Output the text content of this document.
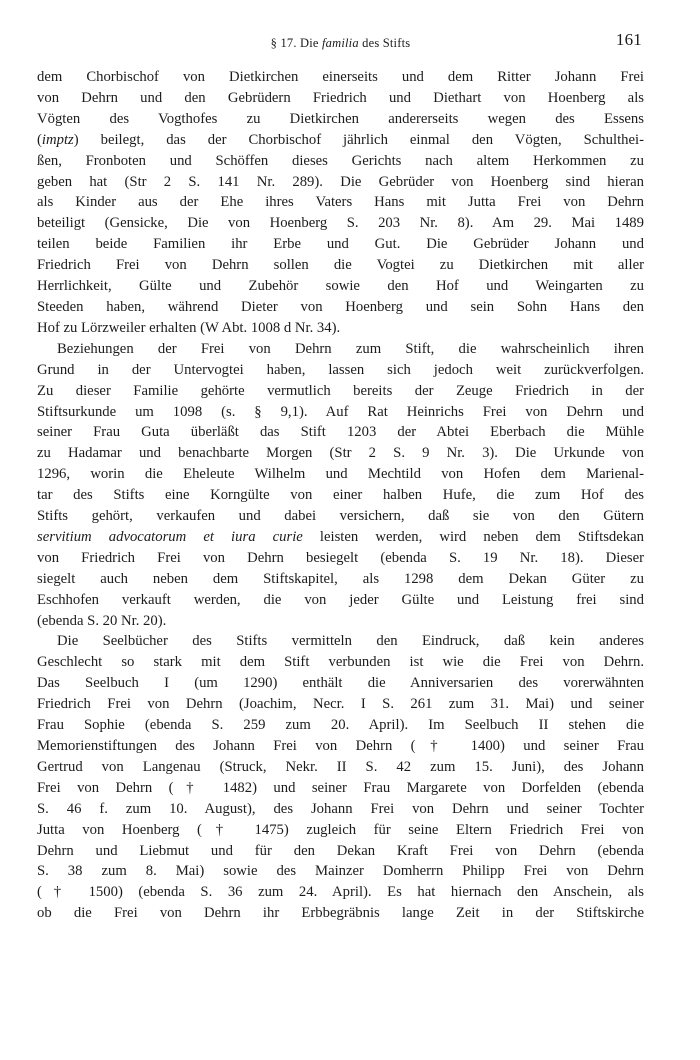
§ 17. Die familia des Stifts	161
dem Chorbischof von Dietkirchen einerseits und dem Ritter Johann Frei
von Dehrn und den Gebrüdern Friedrich und Diethart von Hoenberg als
Vögten des Vogthofes zu Dietkirchen andererseits wegen des Essens
(imptz) beilegt, das der Chorbischof jährlich einmal den Vögten, Schulthei-
ßen, Fronboten und Schöffen dieses Gerichts nach altem Herkommen zu
geben hat (Str 2 S. 141 Nr. 289). Die Gebrüder von Hoenberg sind hieran
als Kinder aus der Ehe ihres Vaters Hans mit Jutta Frei von Dehrn
beteiligt (Gensicke, Die von Hoenberg S. 203 Nr. 8). Am 29. Mai 1489
teilen beide Familien ihr Erbe und Gut. Die Gebrüder Johann und
Friedrich Frei von Dehrn sollen die Vogtei zu Dietkirchen mit aller
Herrlichkeit, Gülte und Zubehör sowie den Hof und Weingarten zu
Steeden haben, während Dieter von Hoenberg und sein Sohn Hans den
Hof zu Lörzweiler erhalten (W Abt. 1008 d Nr. 34).
Beziehungen der Frei von Dehrn zum Stift, die wahrscheinlich ihren
Grund in der Untervogtei haben, lassen sich jedoch weit zurückverfolgen.
Zu dieser Familie gehörte vermutlich bereits der Zeuge Friedrich in der
Stiftsurkunde um 1098 (s. § 9,1). Auf Rat Heinrichs Frei von Dehrn und
seiner Frau Guta überläßt das Stift 1203 der Abtei Eberbach die Mühle
zu Hadamar und benachbarte Morgen (Str 2 S. 9 Nr. 3). Die Urkunde von
1296, worin die Eheleute Wilhelm und Mechtild von Hofen dem Marienal-
tar des Stifts eine Korngülte von einer halben Hufe, die zum Hof des
Stifts gehört, verkaufen und dabei versichern, daß sie von den Gütern
servitium advocatorum et iura curie leisten werden, wird neben dem Stiftsdekan
von Friedrich Frei von Dehrn besiegelt (ebenda S. 19 Nr. 18). Dieser
siegelt auch neben dem Stiftskapitel, als 1298 dem Dekan Güter zu
Eschhofen verkauft werden, die von jeder Gülte und Leistung frei sind
(ebenda S. 20 Nr. 20).
Die Seelbücher des Stifts vermitteln den Eindruck, daß kein anderes
Geschlecht so stark mit dem Stift verbunden ist wie die Frei von Dehrn.
Das Seelbuch I (um 1290) enthält die Anniversarien des vorerwähnten
Friedrich Frei von Dehrn (Joachim, Necr. I S. 261 zum 31. Mai) und seiner
Frau Sophie (ebenda S. 259 zum 20. April). Im Seelbuch II stehen die
Memorienstiftungen des Johann Frei von Dehrn († 1400) und seiner Frau
Gertrud von Langenau (Struck, Nekr. II S. 42 zum 15. Juni), des Johann
Frei von Dehrn († 1482) und seiner Frau Margarete von Dorfelden (ebenda
S. 46 f. zum 10. August), des Johann Frei von Dehrn und seiner Tochter
Jutta von Hoenberg († 1475) zugleich für seine Eltern Friedrich Frei von
Dehrn und Liebmut und für den Dekan Kraft Frei von Dehrn (ebenda
S. 38 zum 8. Mai) sowie des Mainzer Domherrn Philipp Frei von Dehrn
(† 1500) (ebenda S. 36 zum 24. April). Es hat hiernach den Anschein, als
ob die Frei von Dehrn ihr Erbbegräbnis lange Zeit in der Stiftskirche
